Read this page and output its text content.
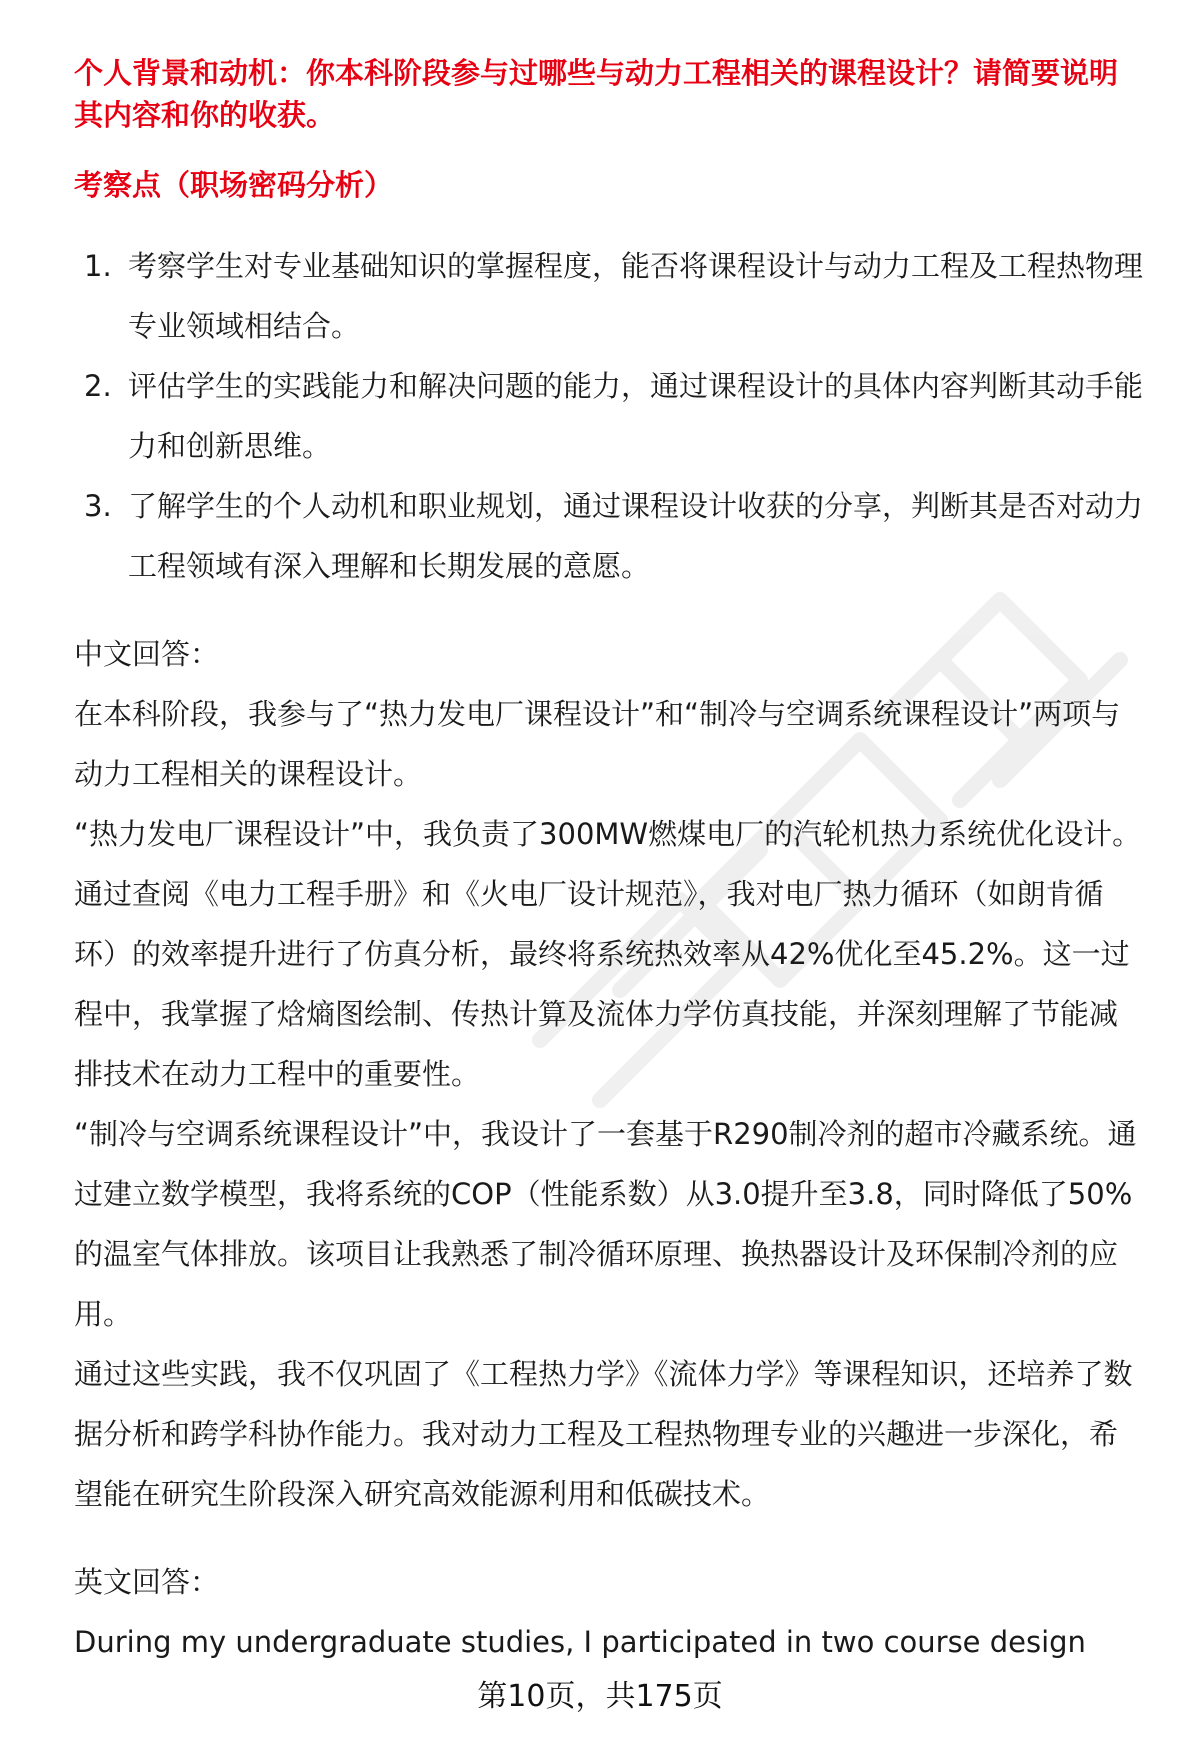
个人背景和动机：你本科阶段参与过哪些与动力工程相关的课程设计？请简要说明其内容和你的收获。

考察点（职场密码分析）
1. 考察学生对专业基础知识的掌握程度，能否将课程设计与动力工程及工程热物理专业领域相结合。
2. 评估学生的实践能力和解决问题的能力，通过课程设计的具体内容判断其动手能力和创新思维。
3. 了解学生的个人动机和职业规划，通过课程设计收获的分享，判断其是否对动力工程领域有深入理解和长期发展的意愿。
中文回答：

在本科阶段，我参与了“热力发电厂课程设计”和“制冷与空调系统课程设计”两项与动力工程相关的课程设计。

“热力发电厂课程设计”中，我负责了300MW燃煤电厂的汽轮机热力系统优化设计。通过查阅《电力工程手册》和《火电厂设计规范》，我对电厂热力循环（如朗肯循环）的效率提升进行了仿真分析，最终将系统热效率从42%优化至45.2%。这一过程中，我掌握了焓熵图绘制、传热计算及流体力学仿真技能，并深刻理解了节能减排技术在动力工程中的重要性。

“制冷与空调系统课程设计”中，我设计了一套基于R290制冷剂的超市冷藏系统。通过建立数学模型，我将系统的COP（性能系数）从3.0提升至3.8，同时降低了50%的温室气体排放。该项目让我熟悉了制冷循环原理、换热器设计及环保制冷剂的应用。

通过这些实践，我不仅巩固了《工程热力学》《流体力学》等课程知识，还培养了数据分析和跨学科协作能力。我对动力工程及工程热物理专业的兴趣进一步深化，希望能在研究生阶段深入研究高效能源利用和低碳技术。

英文回答：

During my undergraduate studies, I participated in two course design

第10页，共175页
